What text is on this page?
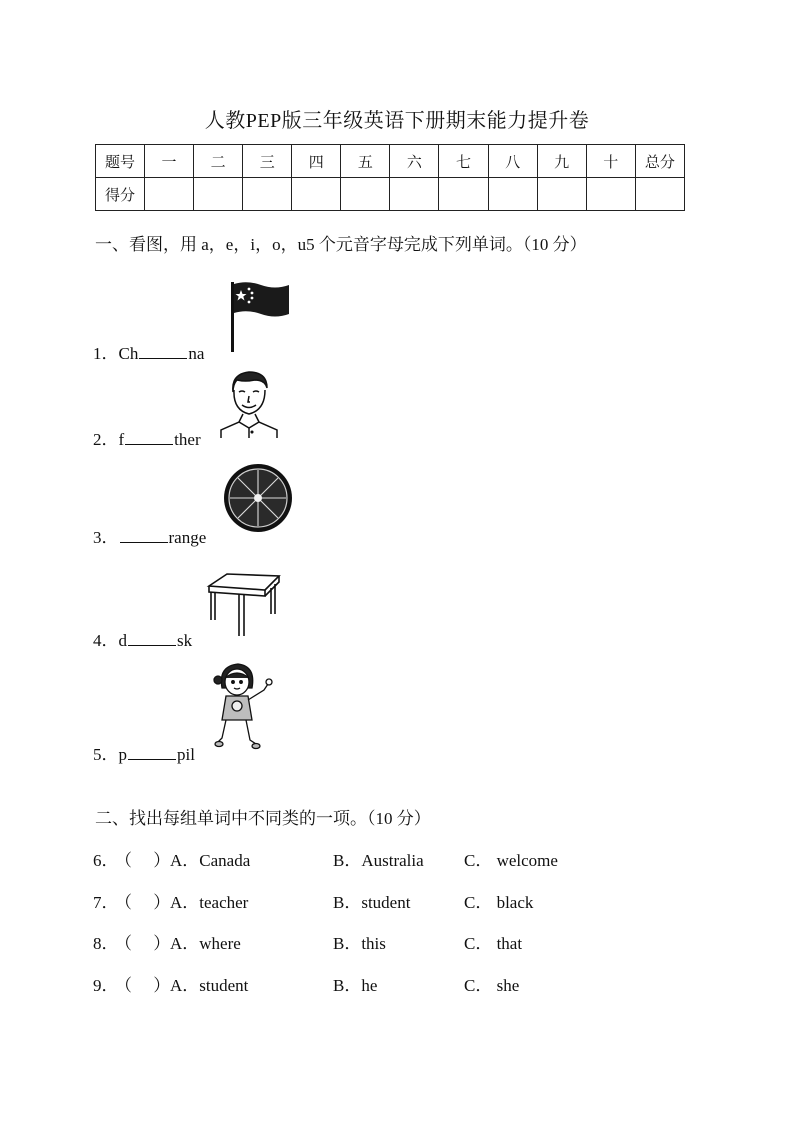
人教PEP版三年级英语下册期末能力提升卷
题号	一	二	三	四	五	六	七	八	九	十	总分
得分											
一、看图，用 a，e，i，o，u5 个元音字母完成下列单词。（10 分）
1．Ch	na
2．f	ther
3．	range
4．d	sk
5．p	pil
二、找出每组单词中不同类的一项。（10 分）
6．
（　 ） A．Canada	B．Australia C． welcome
7．
（　 ） A．teacher	B．student	C． black
8．
（　 ） A．where	B．this	C． that
9．
（　 ） A．student	B．he	C． she
